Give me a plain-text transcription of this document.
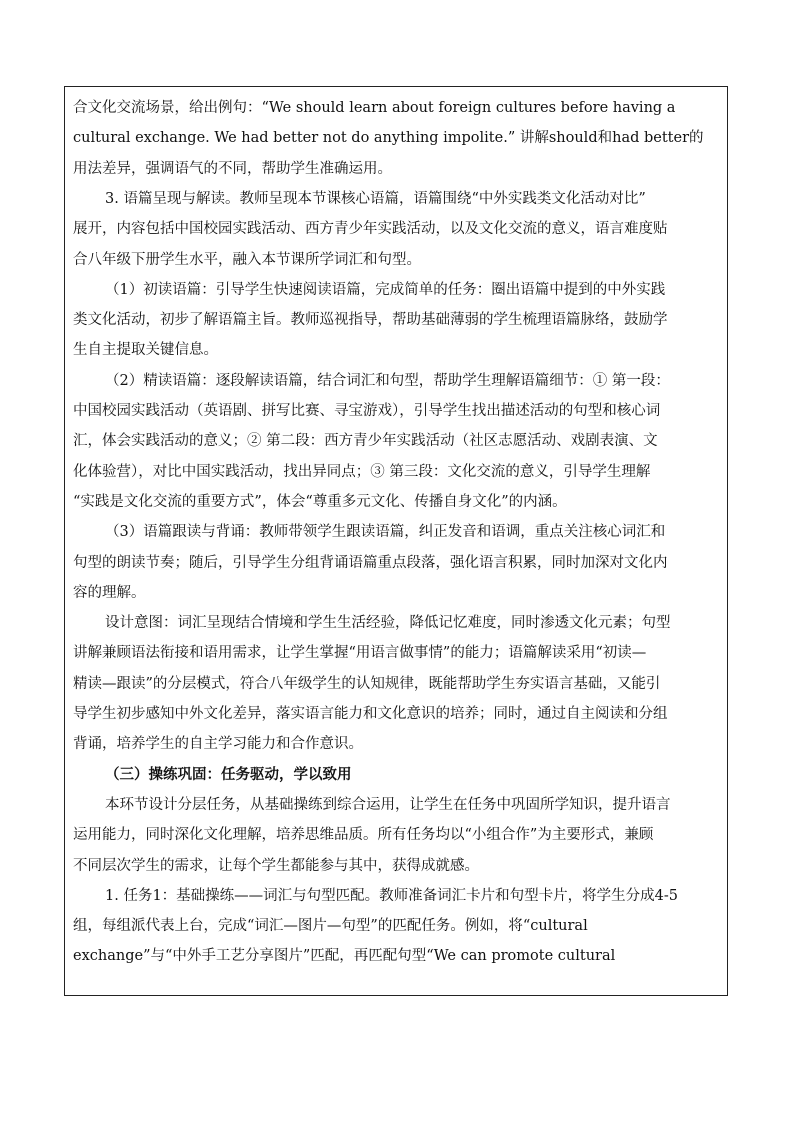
合文化交流场景，给出例句：“We should learn about foreign cultures before having a
cultural exchange. We had better not do anything impolite.” 讲解should和had better的
用法差异，强调语气的不同，帮助学生准确运用。
3. 语篇呈现与解读。教师呈现本节课核心语篇，语篇围绕“中外实践类文化活动对比”
展开，内容包括中国校园实践活动、西方青少年实践活动，以及文化交流的意义，语言难度贴
合八年级下册学生水平，融入本节课所学词汇和句型。
（1）初读语篇：引导学生快速阅读语篇，完成简单的任务：圈出语篇中提到的中外实践
类文化活动，初步了解语篇主旨。教师巡视指导，帮助基础薄弱的学生梳理语篇脉络，鼓励学
生自主提取关键信息。
（2）精读语篇：逐段解读语篇，结合词汇和句型，帮助学生理解语篇细节：① 第一段：
中国校园实践活动（英语剧、拼写比赛、寻宝游戏），引导学生找出描述活动的句型和核心词
汇，体会实践活动的意义；② 第二段：西方青少年实践活动（社区志愿活动、戏剧表演、文
化体验营），对比中国实践活动，找出异同点；③ 第三段：文化交流的意义，引导学生理解
“实践是文化交流的重要方式”，体会“尊重多元文化、传播自身文化”的内涵。
（3）语篇跟读与背诵：教师带领学生跟读语篇，纠正发音和语调，重点关注核心词汇和
句型的朗读节奏；随后，引导学生分组背诵语篇重点段落，强化语言积累，同时加深对文化内
容的理解。
设计意图：词汇呈现结合情境和学生生活经验，降低记忆难度，同时渗透文化元素；句型
讲解兼顾语法衔接和语用需求，让学生掌握“用语言做事情”的能力；语篇解读采用“初读—
精读—跟读”的分层模式，符合八年级学生的认知规律，既能帮助学生夯实语言基础，又能引
导学生初步感知中外文化差异，落实语言能力和文化意识的培养；同时，通过自主阅读和分组
背诵，培养学生的自主学习能力和合作意识。
（三）操练巩固：任务驱动，学以致用
本环节设计分层任务，从基础操练到综合运用，让学生在任务中巩固所学知识，提升语言
运用能力，同时深化文化理解，培养思维品质。所有任务均以“小组合作”为主要形式，兼顾
不同层次学生的需求，让每个学生都能参与其中，获得成就感。
1. 任务1：基础操练——词汇与句型匹配。教师准备词汇卡片和句型卡片，将学生分成4-5
组，每组派代表上台，完成“词汇—图片—句型”的匹配任务。例如，将“cultural
exchange”与“中外手工艺分享图片”匹配，再匹配句型“We can promote cultural
